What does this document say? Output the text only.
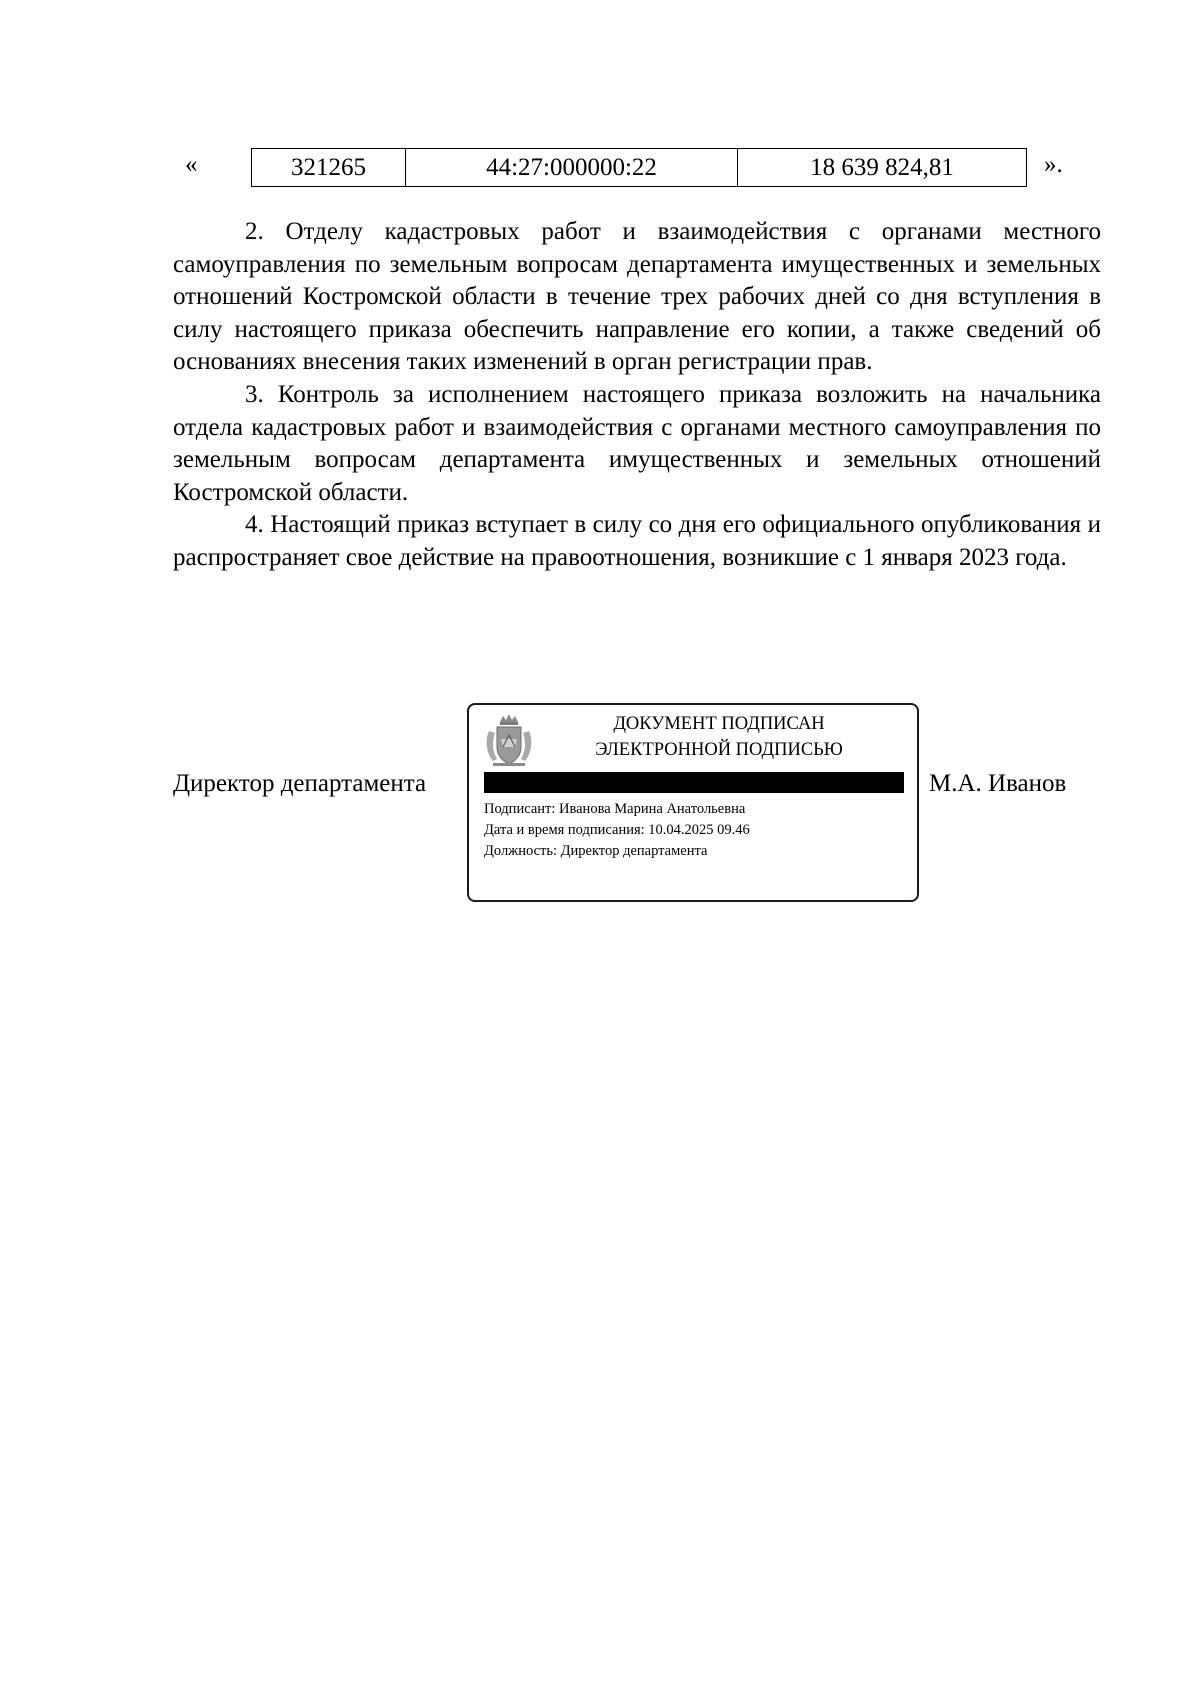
«	321265	44:27:000000:22	18 639 824,81	».

2. Отделу кадастровых работ и взаимодействия с органами местного самоуправления по земельным вопросам департамента имущественных и земельных отношений Костромской области в течение трех рабочих дней со дня вступления в силу настоящего приказа обеспечить направление его копии, а также сведений об основаниях внесения таких изменений в орган регистрации прав.

3. Контроль за исполнением настоящего приказа возложить на начальника отдела кадастровых работ и взаимодействия с органами местного самоуправления по земельным вопросам департамента имущественных и земельных отношений Костромской области.

4. Настоящий приказ вступает в силу со дня его официального опубликования и распространяет свое действие на правоотношения, возникшие с 1 января 2023 года.

Директор департамента
ДОКУМЕНТ ПОДПИСАН
ЭЛЕКТРОННОЙ ПОДПИСЬЮ
Подписант: Иванова Марина Анатольевна
Дата и время подписания: 10.04.2025 09.46
Должность: Директор департамента
М.А. Иванов
